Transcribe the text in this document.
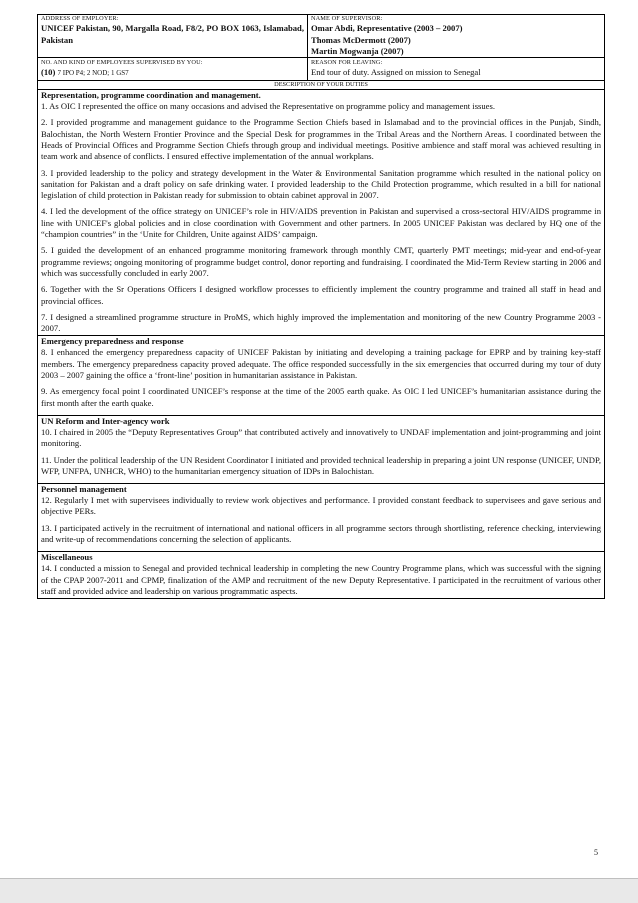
ADDRESS OF EMPLOYER:
UNICEF Pakistan, 90, Margalla Road, F8/2, PO BOX 1063, Islamabad, Pakistan
NAME OF SUPERVISOR:
Omar Abdi, Representative (2003 – 2007)
Thomas McDermott (2007)
Martin Mogwanja (2007)
NO. AND KIND OF EMPLOYEES SUPERVISED BY YOU:
(10) 7 IPO P4; 2 NOD; 1 GS7
REASON FOR LEAVING:
End tour of duty. Assigned on mission to Senegal
DESCRIPTION OF YOUR DUTIES
Representation, programme coordination and management.

1. As OIC I represented the office on many occasions and advised the Representative on programme policy and management issues.

2. I provided programme and management guidance to the Programme Section Chiefs based in Islamabad and to the provincial offices in the Punjab, Sindh, Balochistan, the North Western Frontier Province and the Special Desk for programmes in the Tribal Areas and the Northern Areas. I coordinated between the Heads of Provincial Offices and Programme Section Chiefs through group and individual meetings. Positive ambience and staff moral was achieved resulting in team work and absence of conflicts. I ensured effective implementation of the annual workplans.

3. I provided leadership to the policy and strategy development in the Water & Environmental Sanitation programme which resulted in the national policy on sanitation for Pakistan and a draft policy on safe drinking water. I provided leadership to the Child Protection programme, which resulted in a bill for national legislation of child protection in Pakistan ready for submission to obtain cabinet approval in 2007.

4. I led the development of the office strategy on UNICEF’s role in HIV/AIDS prevention in Pakistan and supervised a cross-sectoral HIV/AIDS programme in line with UNICEF's global policies and in close coordination with Government and other partners. In 2005 UNICEF Pakistan was declared by HQ one of the “champion countries” in the ‘Unite for Children, Unite against AIDS’ campaign.

5. I guided the development of an enhanced programme monitoring framework through monthly CMT, quarterly PMT meetings; mid-year and end-of-year programme reviews; ongoing monitoring of programme budget control, donor reporting and fundraising. I coordinated the Mid-Term Review starting in 2006 and which was successfully concluded in early 2007.

6. Together with the Sr Operations Officers I designed workflow processes to efficiently implement the country programme and trained all staff in head and provincial offices.

7. I designed a streamlined programme structure in ProMS, which highly improved the implementation and monitoring of the new Country Programme 2003 - 2007.

Emergency preparedness and response

8. I enhanced the emergency preparedness capacity of UNICEF Pakistan by initiating and developing a training package for EPRP and by training key-staff members. The emergency preparedness capacity proved adequate. The office responded successfully in the six emergencies that occurred during my tour of duty 2003 – 2007 gaining the office a ‘front-line’ position in humanitarian assistance in Pakistan.

9. As emergency focal point I coordinated UNICEF’s response at the time of the 2005 earth quake. As OIC I led UNICEF’s humanitarian assistance during the first month after the earth quake.

UN Reform and Inter-agency work

10. I chaired in 2005 the “Deputy Representatives Group” that contributed actively and innovatively to UNDAF implementation and joint-programming and joint monitoring.

11. Under the political leadership of the UN Resident Coordinator I initiated and provided technical leadership in preparing a joint UN response (UNICEF, UNDP, WFP, UNFPA, UNHCR, WHO) to the humanitarian emergency situation of IDPs in Balochistan.

Personnel management

12. Regularly I met with supervisees individually to review work objectives and performance. I provided constant feedback to supervisees and gave serious and objective PERs.

13. I participated actively in the recruitment of international and national officers in all programme sectors through shortlisting, reference checking, interviewing and write-up of recommendations concerning the selection of applicants.

Miscellaneous

14. I conducted a mission to Senegal and provided technical leadership in completing the new Country Programme plans, which was successful with the signing of the CPAP 2007-2011 and CPMP, finalization of the AMP and recruitment of the new Deputy Representative. I participated in the recruitment of various other staff and provided advice and leadership on various programmatic aspects.

5
